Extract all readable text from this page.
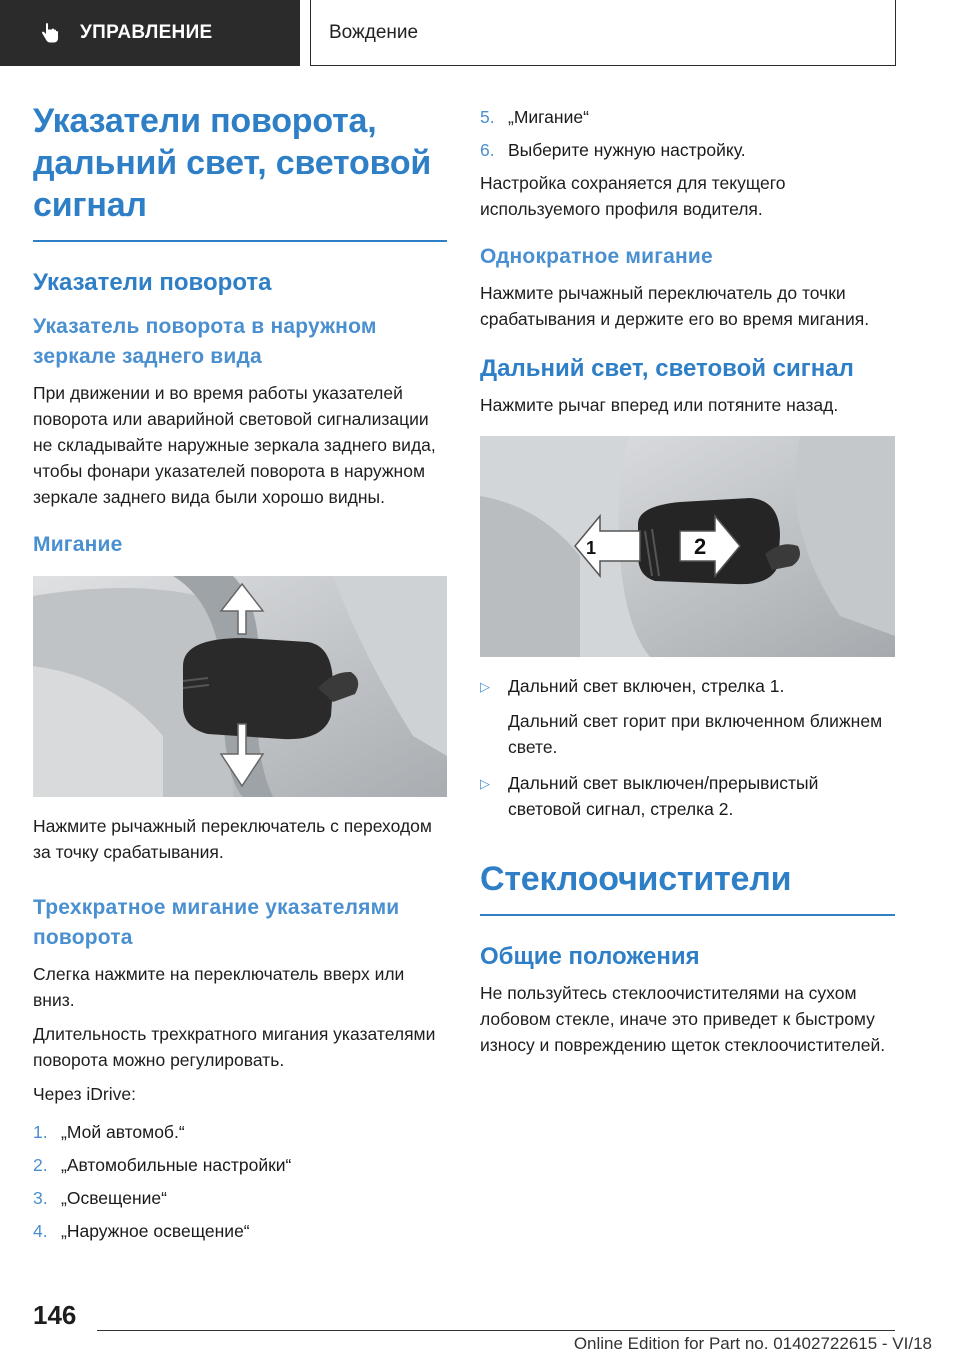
УПРАВЛЕНИЕ	Вождение
Указатели поворота, дальний свет, световой сигнал
Указатели поворота
Указатель поворота в наружном зеркале заднего вида
При движении и во время работы указателей поворота или аварийной световой сигнализации не складывайте наружные зеркала заднего вида, чтобы фонари указателей поворота в наружном зеркале заднего вида были хорошо видны.
Мигание
Нажмите рычажный переключатель с переходом за точку срабатывания.
Трехкратное мигание указателями поворота
Слегка нажмите на переключатель вверх или вниз.
Длительность трехкратного мигания указателями поворота можно регулировать.
Через iDrive:
1. „Мой автомоб.“
2. „Автомобильные настройки“
3. „Освещение“
4. „Наружное освещение“
5. „Мигание“
6. Выберите нужную настройку.
Настройка сохраняется для текущего используемого профиля водителя.
Однократное мигание
Нажмите рычажный переключатель до точки срабатывания и держите его во время мигания.
Дальний свет, световой сигнал
Нажмите рычаг вперед или потяните назад.
1	2
▷	Дальний свет включен, стрелка 1.
Дальний свет горит при включенном ближнем свете.
▷	Дальний свет выключен/прерывистый световой сигнал, стрелка 2.
Стеклоочистители
Общие положения
Не пользуйтесь стеклоочистителями на сухом лобовом стекле, иначе это приведет к быстрому износу и повреждению щеток стеклоочистителей.
146
Online Edition for Part no. 01402722615 - VI/18
